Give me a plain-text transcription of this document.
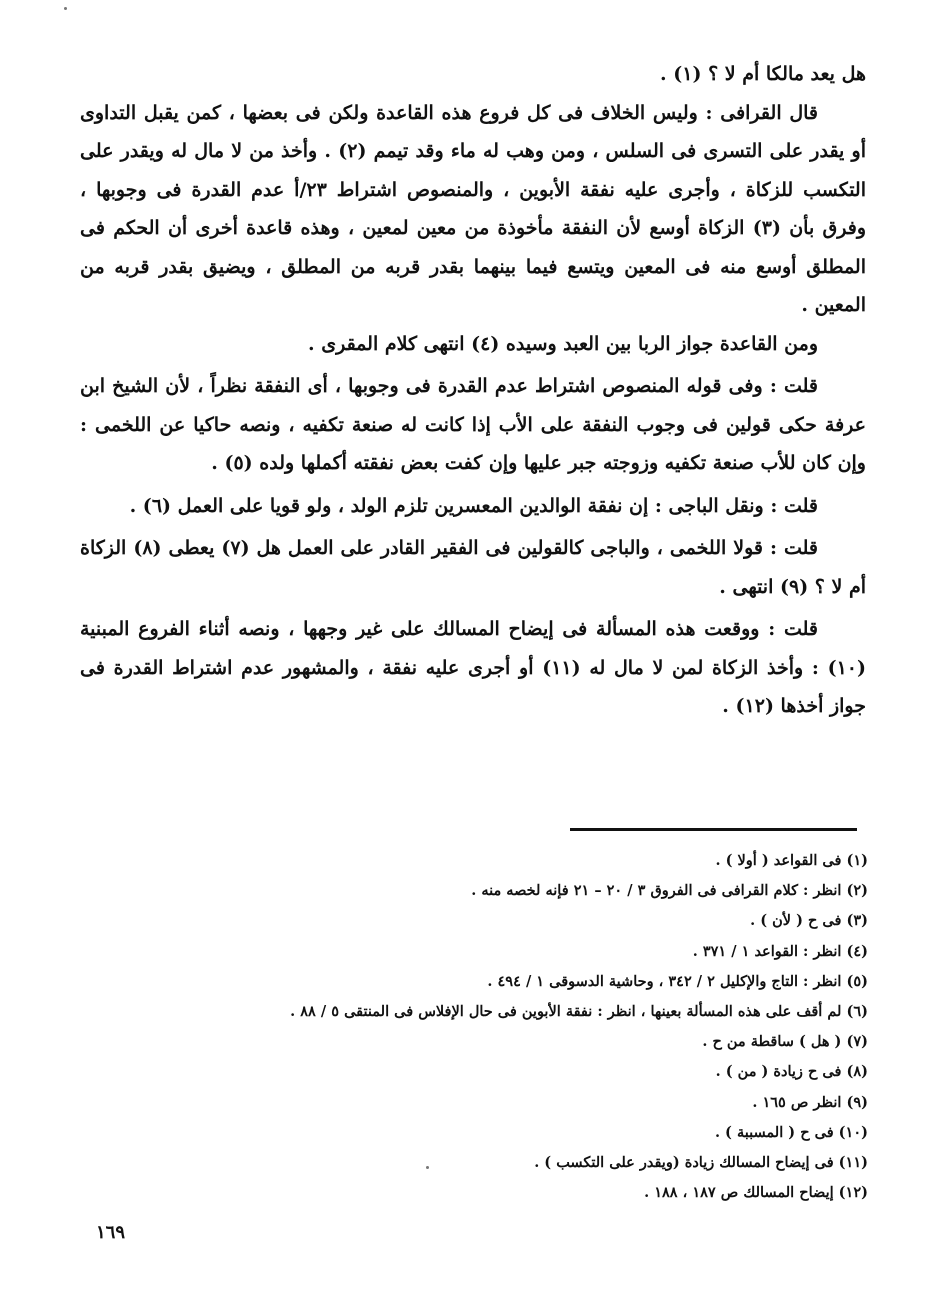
هل يعد مالكا أم لا ؟ (١) .

قال القرافى : وليس الخلاف فى كل فروع هذه القاعدة ولكن فى بعضها ، كمن يقبل التداوى أو يقدر على التسرى فى السلس ، ومن وهب له ماء وقد تيمم (٢) . وأخذ من لا مال له ويقدر على التكسب للزكاة ، وأجرى عليه نفقة الأبوين ، والمنصوص اشتراط ٢٣/أ عدم القدرة فى وجوبها ، وفرق بأن (٣) الزكاة أوسع لأن النفقة مأخوذة من معين لمعين ، وهذه قاعدة أخرى أن الحكم فى المطلق أوسع منه فى المعين ويتسع فيما بينهما بقدر قربه من المطلق ، ويضيق بقدر قربه من المعين .

ومن القاعدة جواز الربا بين العبد وسيده (٤) انتهى كلام المقرى .

قلت : وفى قوله المنصوص اشتراط عدم القدرة فى وجوبها ، أى النفقة نظراً ، لأن الشيخ ابن عرفة حكى قولين فى وجوب النفقة على الأب إذا كانت له صنعة تكفيه ، ونصه حاكيا عن اللخمى : وإن كان للأب صنعة تكفيه وزوجته جبر عليها وإن كفت بعض نفقته أكملها ولده (٥) .

قلت : ونقل الباجى : إن نفقة الوالدين المعسرين تلزم الولد ، ولو قويا على العمل (٦) .

قلت : قولا اللخمى ، والباجى كالقولين فى الفقير القادر على العمل هل (٧) يعطى (٨) الزكاة أم لا ؟ (٩) انتهى .

قلت : ووقعت هذه المسألة فى إيضاح المسالك على غير وجهها ، ونصه أثناء الفروع المبنية (١٠) : وأخذ الزكاة لمن لا مال له (١١) أو أجرى عليه نفقة ، والمشهور عدم اشتراط القدرة فى جواز أخذها (١٢) .

(١) فى القواعد ( أولا ) .
(٢) انظر : كلام القرافى فى الفروق ٣ / ٢٠ – ٢١ فإنه لخصه منه .
(٣) فى ح ( لأن ) .
(٤) انظر : القواعد ١ / ٣٧١ .
(٥) انظر : التاج والإكليل ٢ / ٣٤٢ ، وحاشية الدسوقى ١ / ٤٩٤ .
(٦) لم أقف على هذه المسألة بعينها ، انظر : نفقة الأبوين فى حال الإفلاس فى المنتقى ٥ / ٨٨ .
(٧) ( هل ) ساقطة من ح .
(٨) فى ح زيادة ( من ) .
(٩) انظر ص ١٦٥ .
(١٠) فى ح ( المسببة ) .
(١١) فى إيضاح المسالك زيادة (ويقدر على التكسب ) .
(١٢) إيضاح المسالك ص ١٨٧ ، ١٨٨ .
١٦٩
